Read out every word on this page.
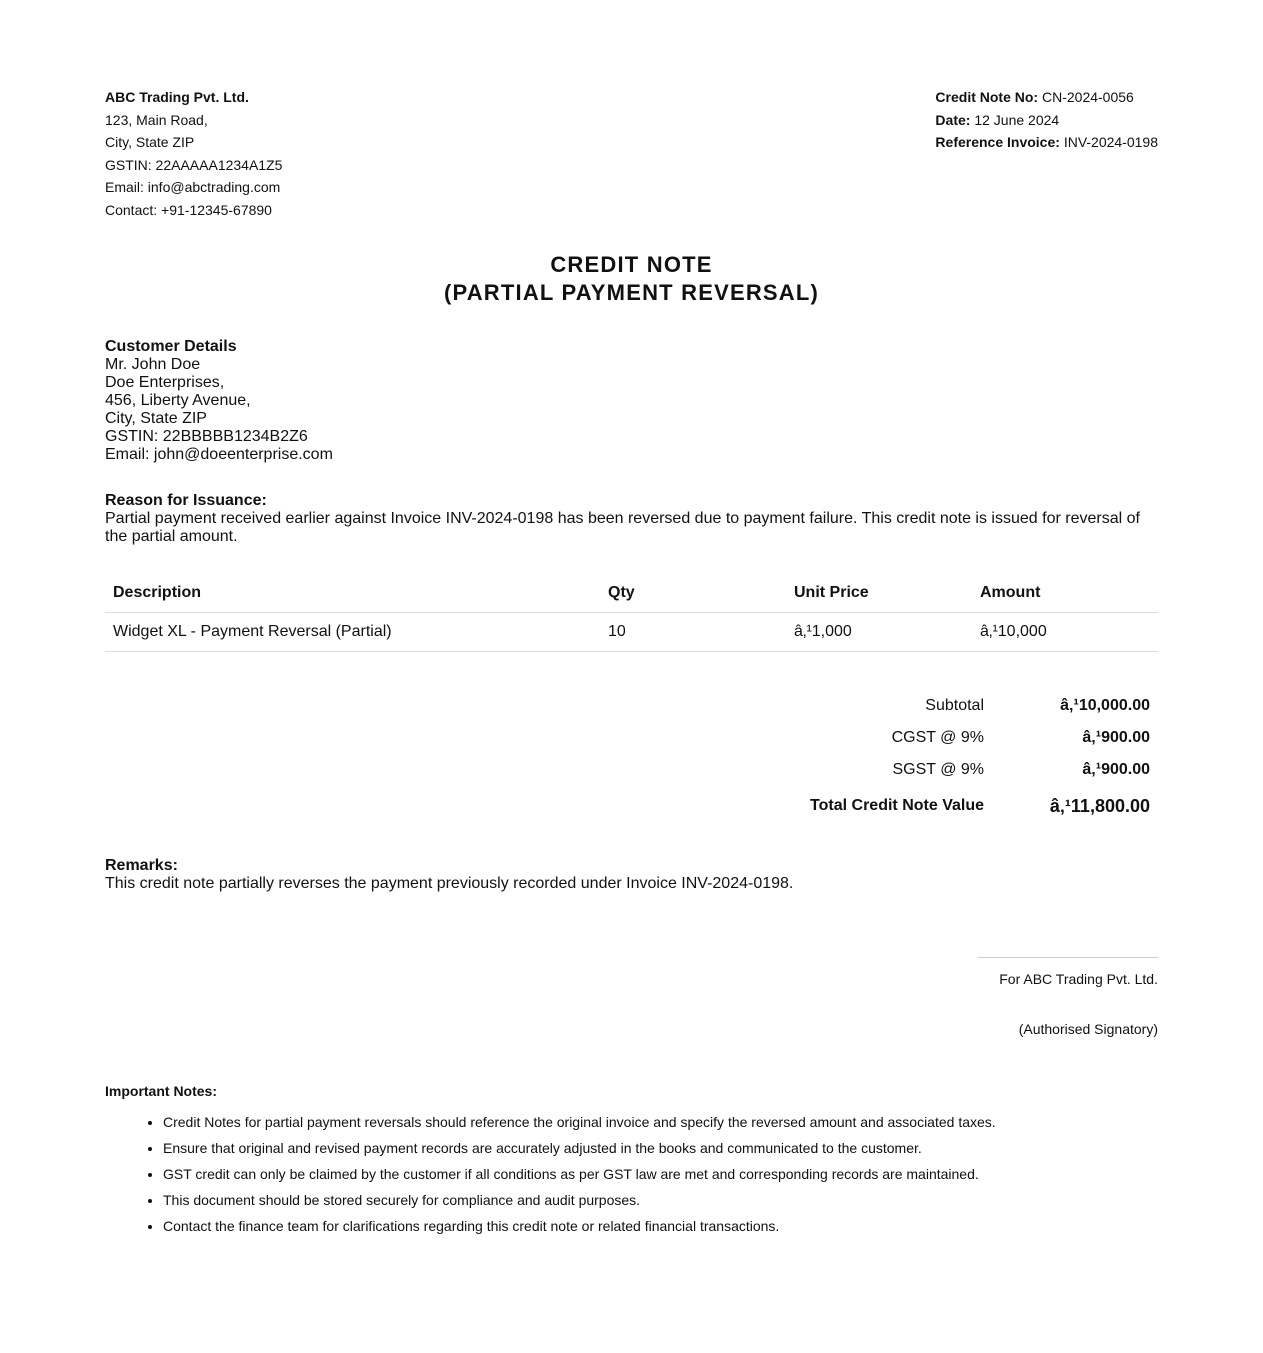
ABC Trading Pvt. Ltd.
123, Main Road,
City, State ZIP
GSTIN: 22AAAAA1234A1Z5
Email: info@abctrading.com
Contact: +91-12345-67890
Credit Note No: CN-2024-0056
Date: 12 June 2024
Reference Invoice: INV-2024-0198
CREDIT NOTE
(PARTIAL PAYMENT REVERSAL)
Customer Details
Mr. John Doe
Doe Enterprises,
456, Liberty Avenue,
City, State ZIP
GSTIN: 22BBBBB1234B2Z6
Email: john@doeenterprise.com
Reason for Issuance:
Partial payment received earlier against Invoice INV-2024-0198 has been reversed due to payment failure. This credit note is issued for reversal of the partial amount.
Description	Qty	Unit Price	Amount
Widget XL - Payment Reversal (Partial)	10	â‚¹1,000	â‚¹10,000
Subtotal	â‚¹10,000.00
CGST @ 9%	â‚¹900.00
SGST @ 9%	â‚¹900.00
Total Credit Note Value	â‚¹11,800.00
Remarks:
This credit note partially reverses the payment previously recorded under Invoice INV-2024-0198.
For ABC Trading Pvt. Ltd.
(Authorised Signatory)
Important Notes:
• Credit Notes for partial payment reversals should reference the original invoice and specify the reversed amount and associated taxes.
• Ensure that original and revised payment records are accurately adjusted in the books and communicated to the customer.
• GST credit can only be claimed by the customer if all conditions as per GST law are met and corresponding records are maintained.
• This document should be stored securely for compliance and audit purposes.
• Contact the finance team for clarifications regarding this credit note or related financial transactions.
